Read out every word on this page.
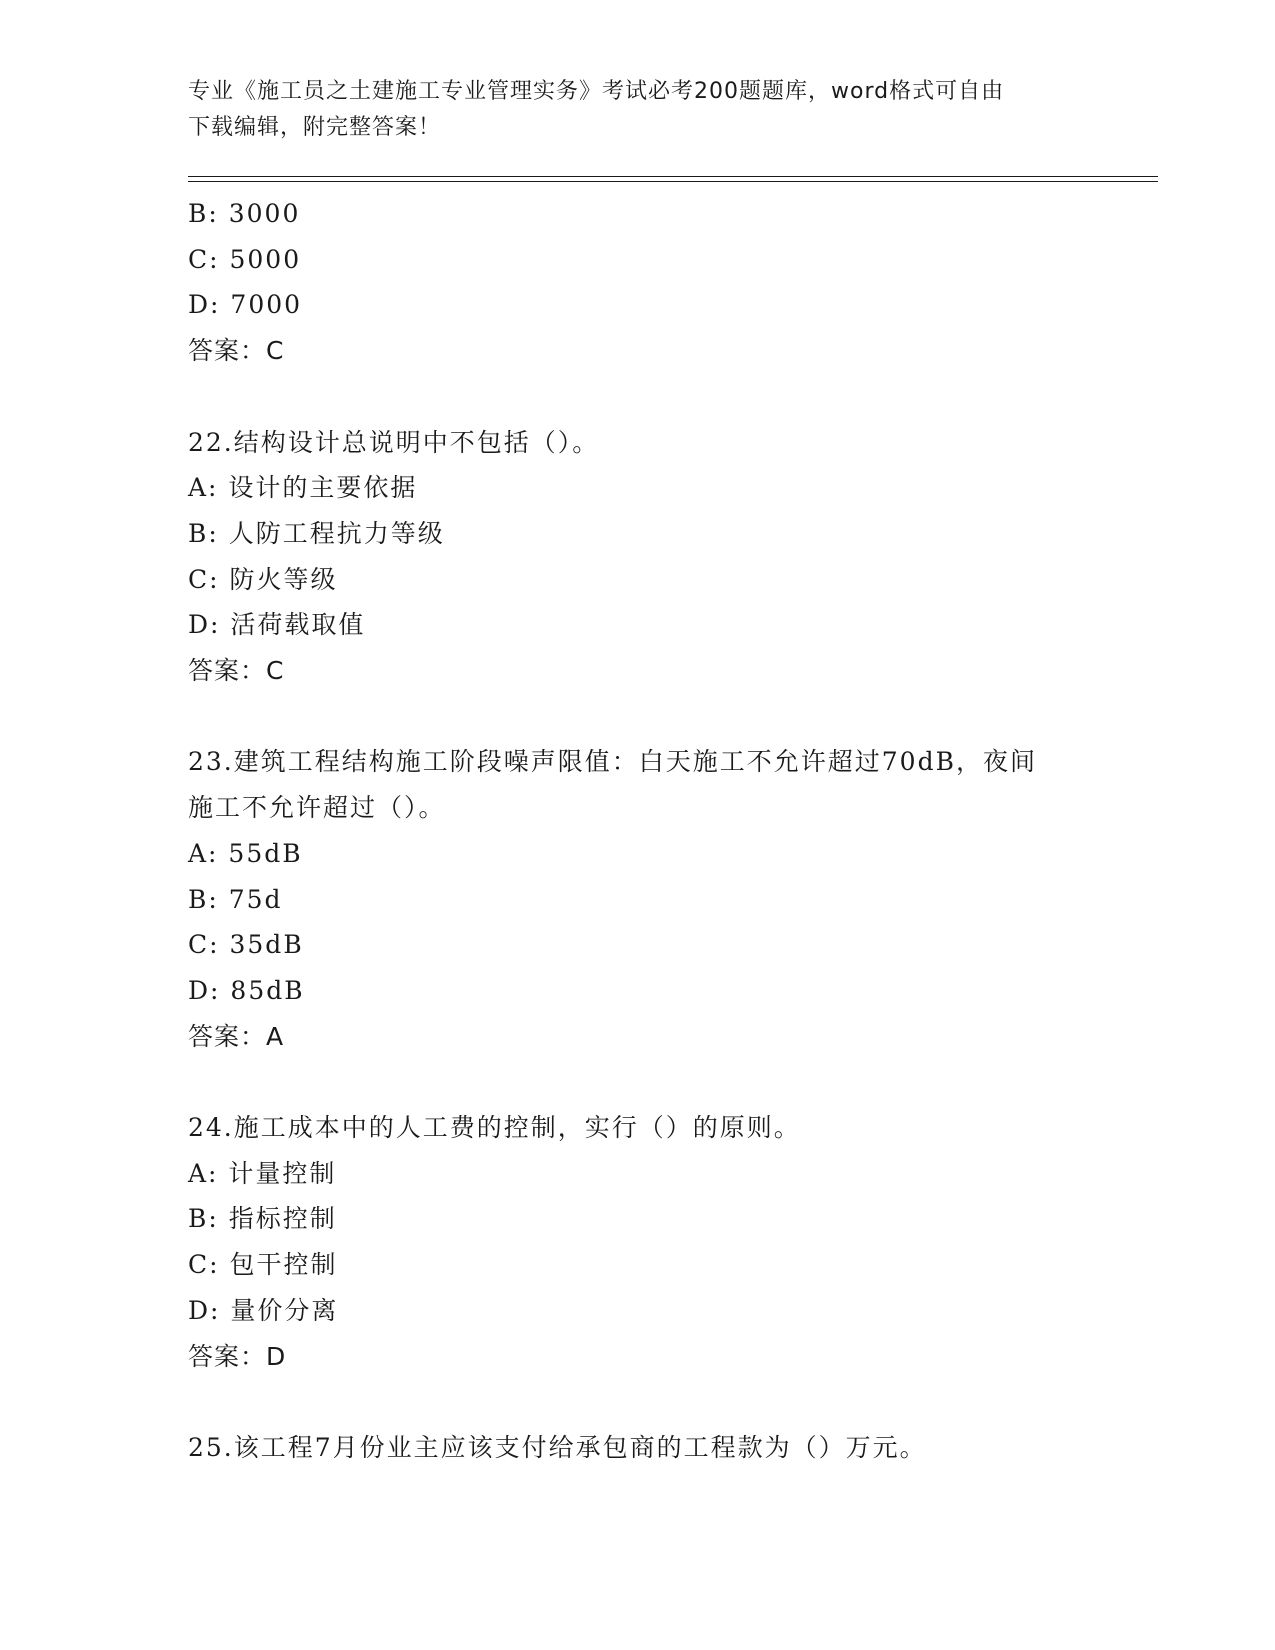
专业《施工员之土建施工专业管理实务》考试必考200题题库，word格式可自由
下载编辑，附完整答案！
B: 3000
C: 5000
D: 7000
答案：C
22.结构设计总说明中不包括（）。
A: 设计的主要依据
B: 人防工程抗力等级
C: 防火等级
D: 活荷载取值
答案：C
23.建筑工程结构施工阶段噪声限值：白天施工不允许超过70dB，夜间
施工不允许超过（）。
A: 55dB
B: 75d
C: 35dB
D: 85dB
答案：A
24.施工成本中的人工费的控制，实行（）的原则。
A: 计量控制
B: 指标控制
C: 包干控制
D: 量价分离
答案：D
25.该工程7月份业主应该支付给承包商的工程款为（）万元。
